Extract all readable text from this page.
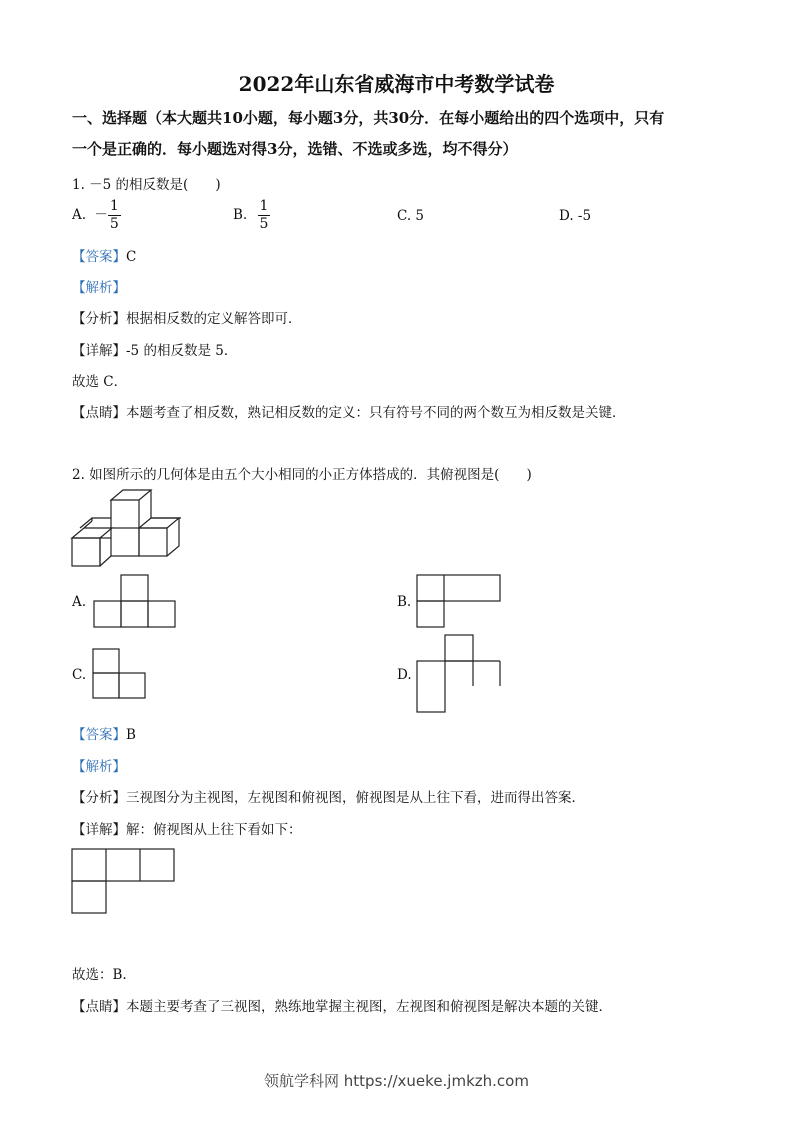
2022年山东省威海市中考数学试卷
一、选择题（本大题共10小题，每小题3分，共30分．在每小题给出的四个选项中，只有
一个是正确的．每小题选对得3分，选错、不选或多选，均不得分）
1. －5 的相反数是(　　)
A. － $\frac{1}{5}$	B. $\frac{1}{5}$	C. 5	D. -5
【答案】C
【解析】
【分析】根据相反数的定义解答即可．
【详解】-5 的相反数是 5．
故选 C．
【点睛】本题考查了相反数，熟记相反数的定义：只有符号不同的两个数互为相反数是关键．
2. 如图所示的几何体是由五个大小相同的小正方体搭成的．其俯视图是(　　)
A.	B.
C.	D.
【答案】B
【解析】
【分析】三视图分为主视图，左视图和俯视图，俯视图是从上往下看，进而得出答案．
【详解】解：俯视图从上往下看如下：
故选：B.
【点睛】本题主要考查了三视图，熟练地掌握主视图，左视图和俯视图是解决本题的关键．
领航学科网 https://xueke.jmkzh.com
